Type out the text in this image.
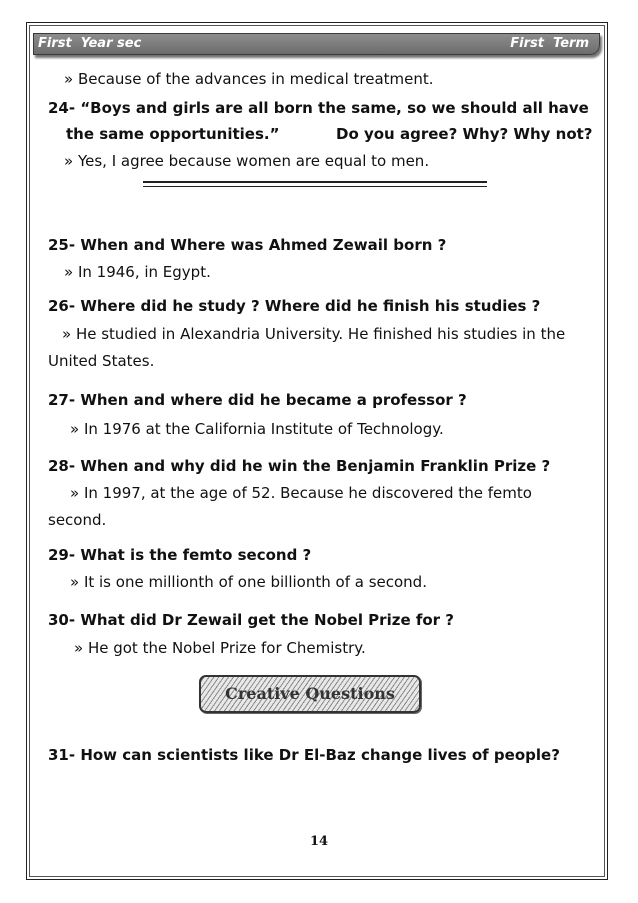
First  Year sec	First  Term
» Because of the advances in medical treatment.
24- “Boys and girls are all born the same, so we should all have
the same opportunities.”	Do you agree? Why? Why not?
» Yes, I agree because women are equal to men.
25- When and Where was Ahmed Zewail born ?
» In 1946, in Egypt.
26- Where did he study ? Where did he finish his studies ?
» He studied in Alexandria University. He finished his studies in the
United States.
27- When and where did he became a professor ?
» In 1976 at the California Institute of Technology.
28- When and why did he win the Benjamin Franklin Prize ?
» In 1997, at the age of 52. Because he discovered the femto
second.
29- What is the femto second ?
» It is one millionth of one billionth of a second.
30- What did Dr Zewail get the Nobel Prize for ?
» He got the Nobel Prize for Chemistry.
Creative Questions
31- How can scientists like Dr El-Baz change lives of people?
14
